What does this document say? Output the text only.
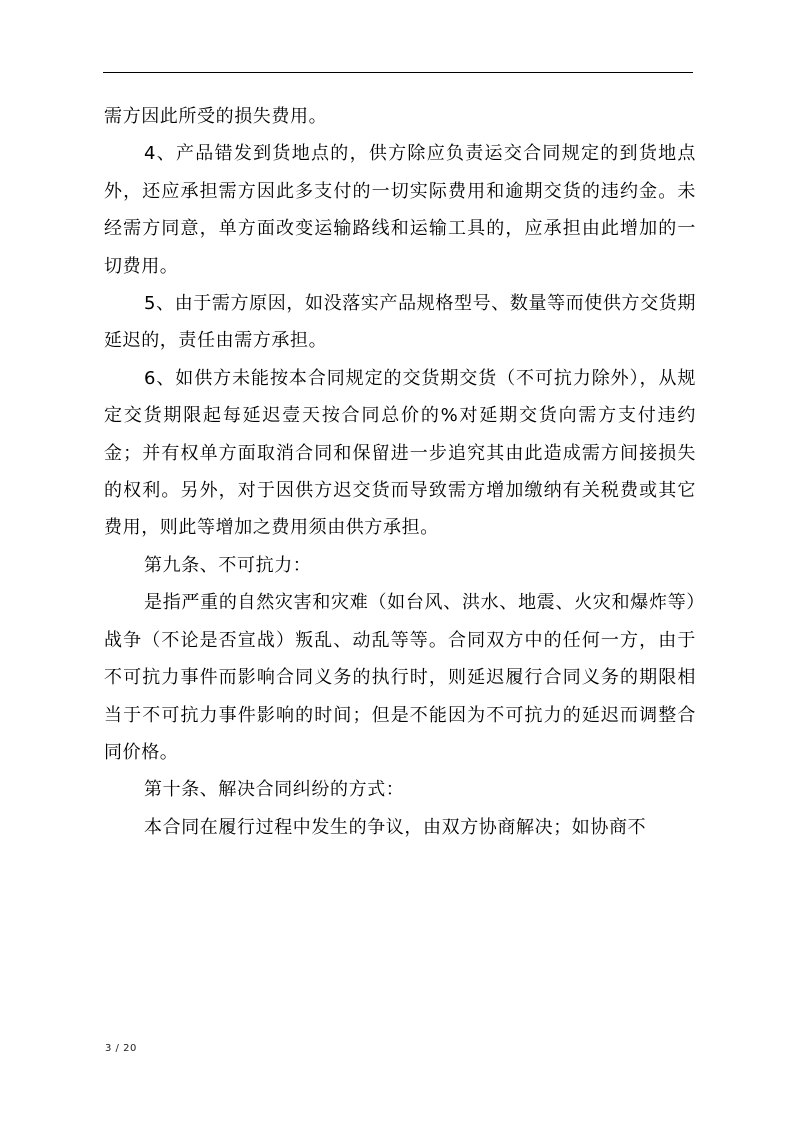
需方因此所受的损失费用。

4、产品错发到货地点的，供方除应负责运交合同规定的到货地点外，还应承担需方因此多支付的一切实际费用和逾期交货的违约金。未经需方同意，单方面改变运输路线和运输工具的，应承担由此增加的一切费用。

5、由于需方原因，如没落实产品规格型号、数量等而使供方交货期延迟的，责任由需方承担。

6、如供方未能按本合同规定的交货期交货（不可抗力除外），从规定交货期限起每延迟壹天按合同总价的%对延期交货向需方支付违约金；并有权单方面取消合同和保留进一步追究其由此造成需方间接损失的权利。另外，对于因供方迟交货而导致需方增加缴纳有关税费或其它费用，则此等增加之费用须由供方承担。

第九条、不可抗力：

是指严重的自然灾害和灾难（如台风、洪水、地震、火灾和爆炸等）战争（不论是否宣战）叛乱、动乱等等。合同双方中的任何一方，由于不可抗力事件而影响合同义务的执行时，则延迟履行合同义务的期限相当于不可抗力事件影响的时间；但是不能因为不可抗力的延迟而调整合同价格。

第十条、解决合同纠纷的方式：

本合同在履行过程中发生的争议，由双方协商解决；如协商不

3 / 20
